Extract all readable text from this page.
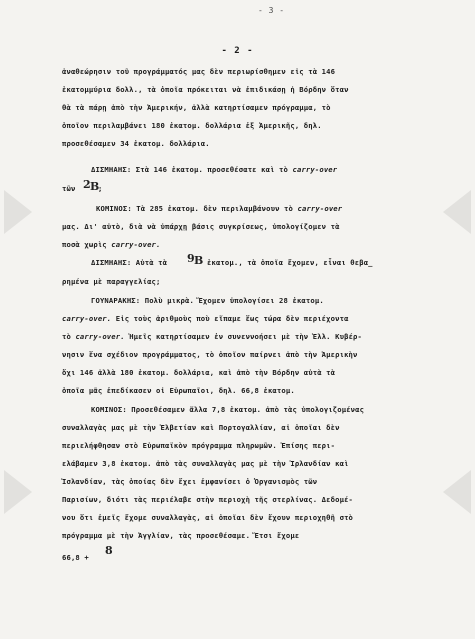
- 3 -
- 2 -
ἀναθεώρησιν τοῦ προγράμματός μας δὲν περιωρίσθημεν εἰς τὰ 146
ἑκατομμύρια δολλ., τὰ ὁποῖα πρόκειται νὰ ἐπιδικάσῃ ἡ Βόρδην ὅταν
θὰ τὰ πάρῃ ἀπὸ τὴν Ἀμερικήν, ἀλλὰ κατηρτίσαμεν πρόγραμμα, τὸ
ὁποῖον περιλαμβάνει 180 ἑκατομ. δολλάρια ἐξ Ἀμερικῆς, δηλ.
προσεθέσαμεν 34 ἑκατομ. δολλάρια.
ΔΙΣΜΗΑΗΣ: Στὰ 146 ἑκατομ. προσεθέσατε καὶ τὸ carry-over
τῶν 2 B
;
ΚΟΜΙΝΟΣ: Τὰ 285 ἑκατομ. δὲν περιλαμβάνουν τὸ carry-over
μας. Δι' αὐτὸ, διὰ νὰ ὑπάρχῃ βάσις συγκρίσεως, ὑπολογίζομεν τὰ
ποσὰ χωρὶς carry-over.
ΔΙΣΜΗΑΗΣ: Αὐτὰ τὰ 9 B ἑκατομ., τὰ ὁποῖα ἔχομεν, εἶναι θεβα_
ρημένα μὲ παραγγελίας;
ΓΟΥΝΑΡΑΚΗΣ: Πολὺ μικρὰ. Ἔχομεν ὑπολογίσει 28 ἑκατομ.
carry-over. Εἰς τοὺς ἀριθμοὺς ποὺ εἴπαμε ἕως τώρα δὲν περιέχοντα
τὸ carry-over. Ἡμεῖς κατηρτίσαμεν ἐν συνεννοήσει μὲ τὴν Ἑλλ. Κυβέρ-
νησιν ἕνα σχέδιον προγράμματος, τὸ ὁποῖον παίρνει ἀπὸ τὴν Ἀμερικὴν
ὄχι 146 ἀλλὰ 180 ἑκατομ. δολλάρια, καὶ ἀπὸ τὴν Βόρδην αὐτὰ τὰ
ὁποῖα μᾶς ἐπεδίκασεν οἱ Εὐρωπαῖοι, δηλ. 66,8 ἑκατομ.
ΚΟΜΙΝΟΣ: Προσεθέσαμεν ἄλλα 7,8 ἑκατομ. ἀπὸ τὰς ὑπολογιζομένας
συναλλαγὰς μας μὲ τὴν Ἑλβετίαν καὶ Πορτογαλλίαν, αἱ ὁποῖαι δὲν
περιελήφθησαν στὸ Εὐρωπαϊκὸν πρόγραμμα πληρωμῶν. Ἐπίσης περι-
ελάβαμεν 3,8 ἑκατομ. ἀπὸ τὰς συναλλαγὰς μας μὲ τὴν Ἰρλανδίαν καὶ
Ἰσλανδίαν, τὰς ὁποίας δὲν ἔχει ἐμφανίσει ὁ Ὀργανισμὸς τῶν
Παρισίων, διότι τὰς περιέλαβε στὴν περιοχὴ τῆς στερλίνας. Δεδομέ-
νου ὅτι ἐμεῖς ἔχομε συναλλαγὰς, αἱ ὁποῖαι δὲν ἔχουν περιοχηθῆ στὸ
πρόγραμμα μὲ τὴν Ἀγγλίαν, τὰς προσεθέσαμε. Ἔτσι ἔχομε
66,8 +
8
